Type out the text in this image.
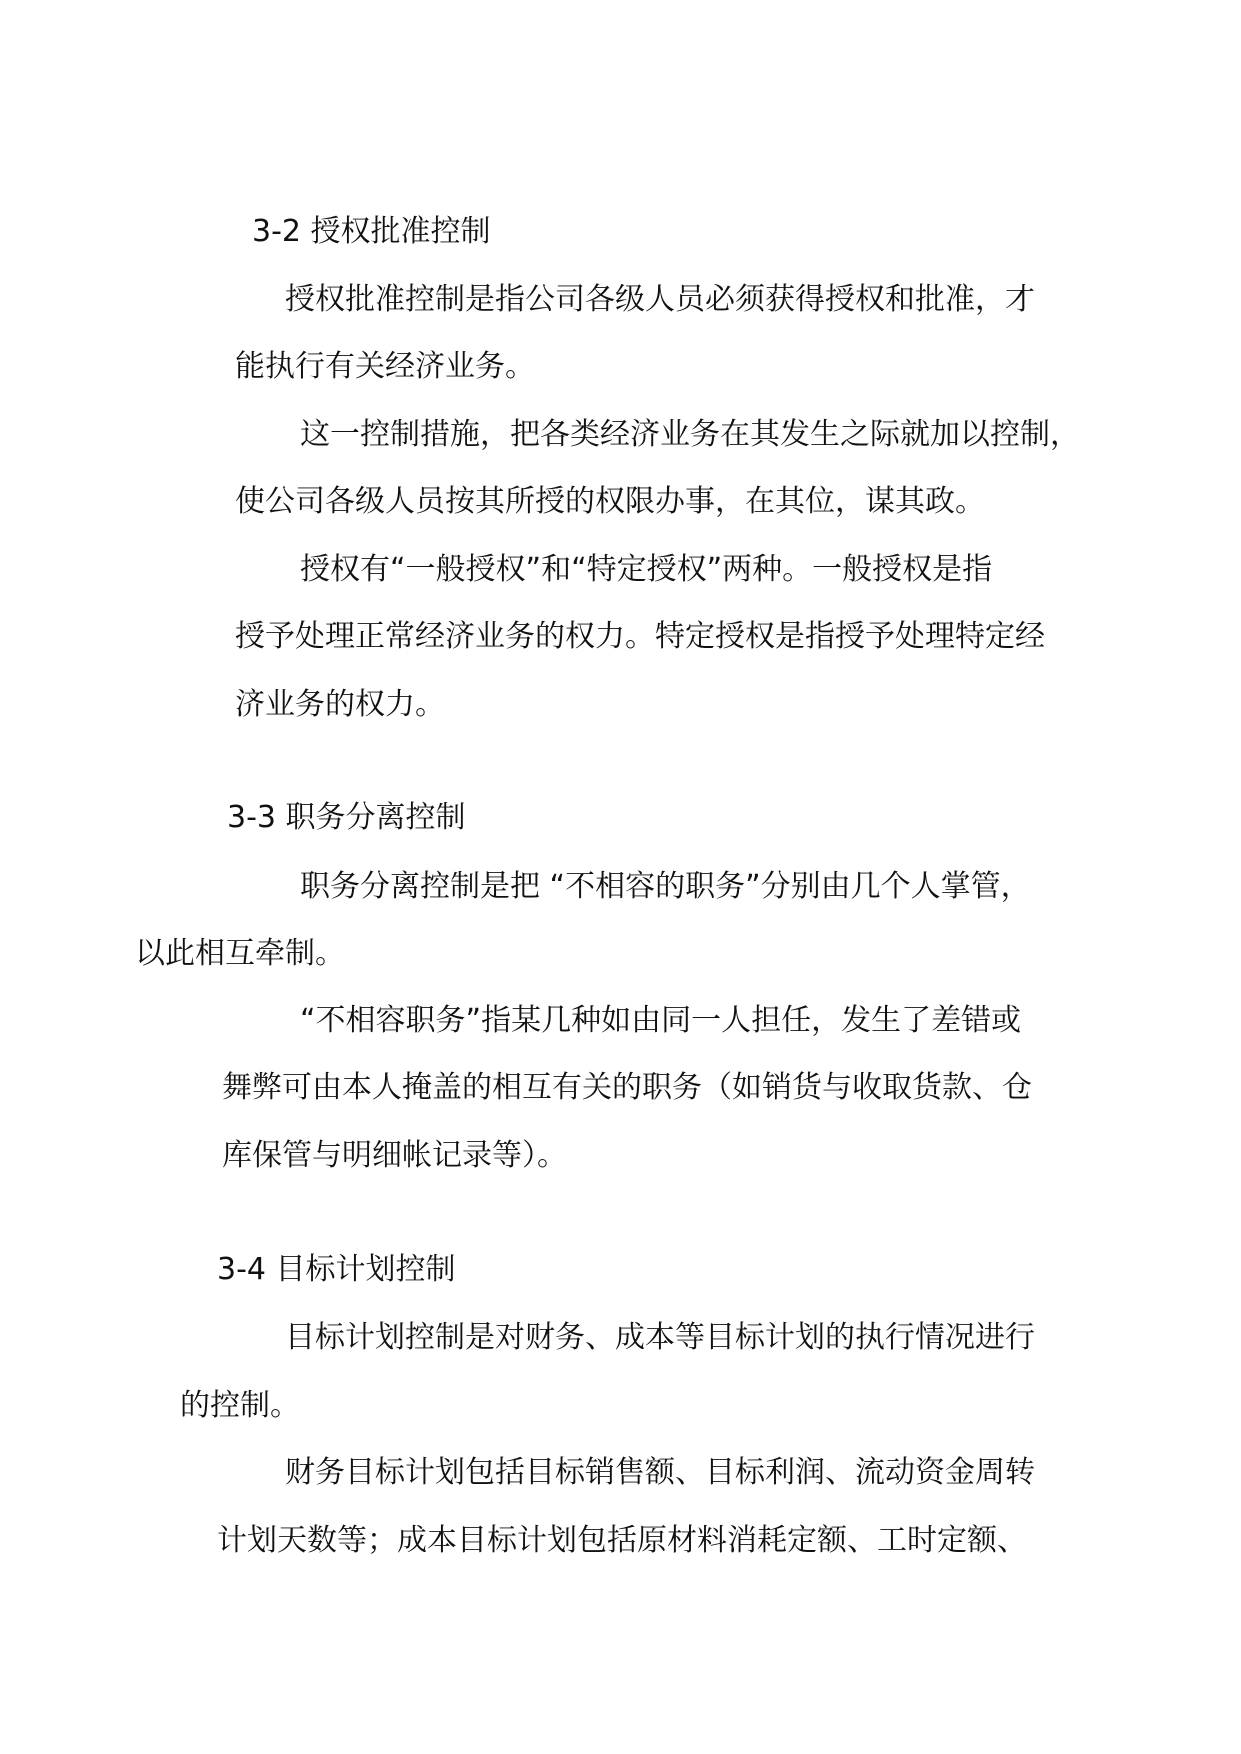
3-2 授权批准控制
授权批准控制是指公司各级人员必须获得授权和批准，才
能执行有关经济业务。
这一控制措施，把各类经济业务在其发生之际就加以控制，
使公司各级人员按其所授的权限办事，在其位，谋其政。
授权有“一般授权”和“特定授权”两种。一般授权是指
授予处理正常经济业务的权力。特定授权是指授予处理特定经
济业务的权力。
3-3 职务分离控制
职务分离控制是把 “不相容的职务”分别由几个人掌管，
以此相互牵制。
“不相容职务”指某几种如由同一人担任，发生了差错或
舞弊可由本人掩盖的相互有关的职务（如销货与收取货款、仓
库保管与明细帐记录等）。
3-4 目标计划控制
目标计划控制是对财务、成本等目标计划的执行情况进行
的控制。
财务目标计划包括目标销售额、目标利润、流动资金周转
计划天数等；成本目标计划包括原材料消耗定额、工时定额、
